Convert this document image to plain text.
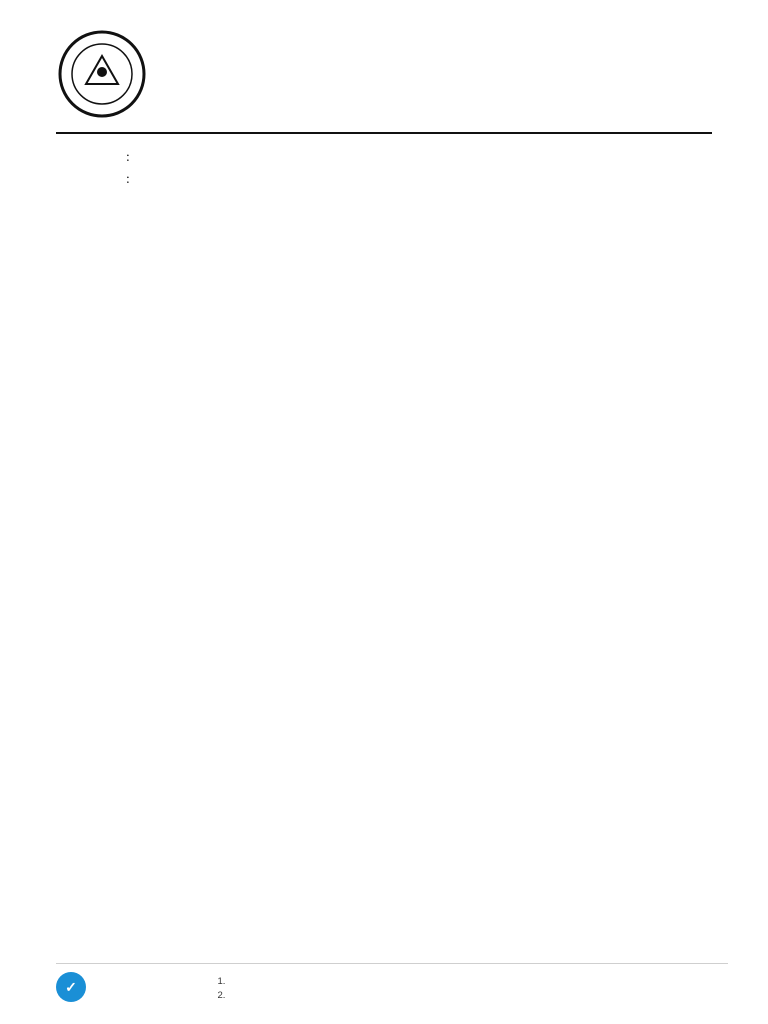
:
:

✓
